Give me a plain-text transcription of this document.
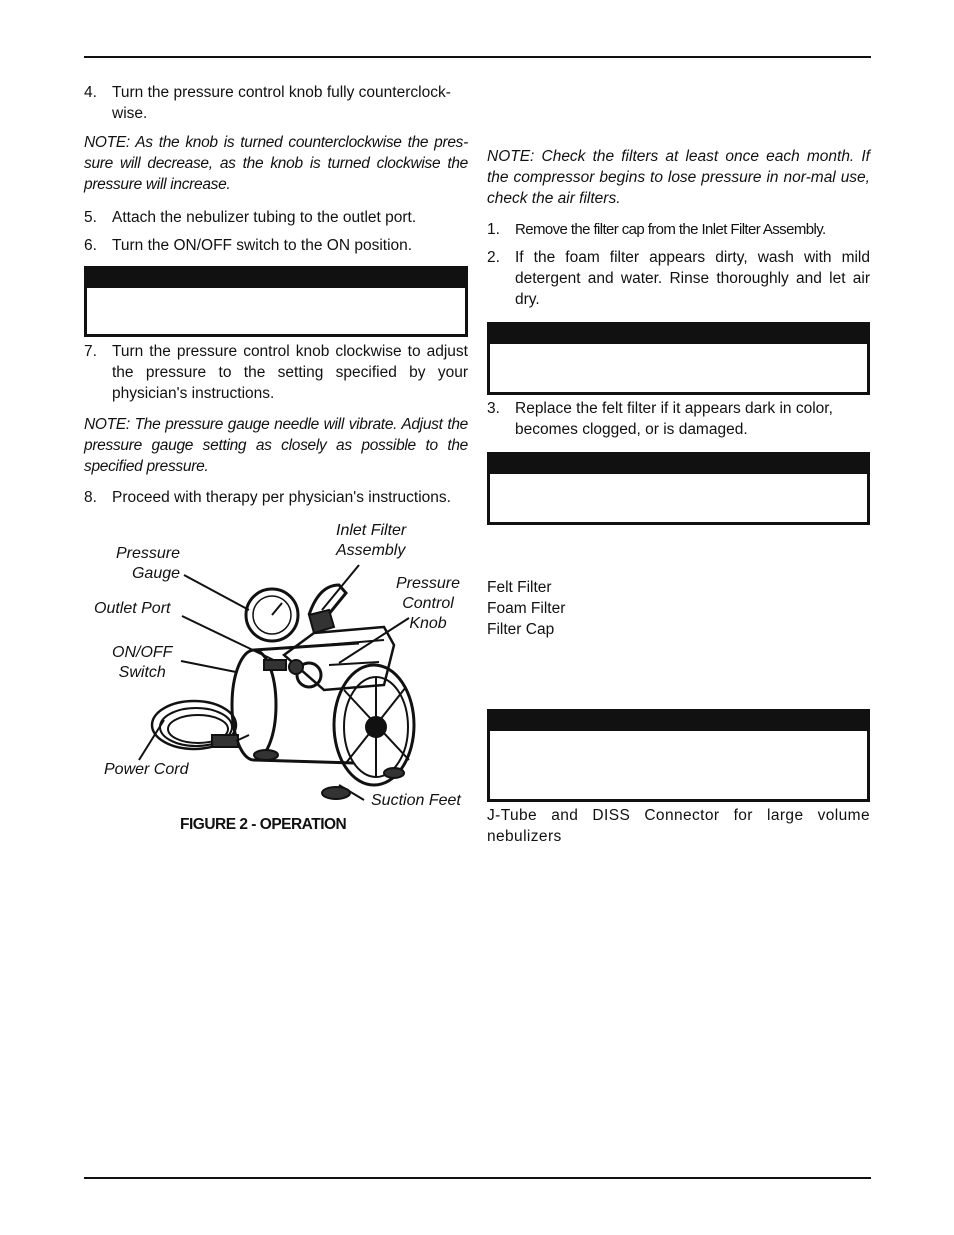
4. Turn the pressure control knob fully counterclock-wise.
NOTE: As the knob is turned counterclockwise the pres-sure will decrease, as the knob is turned clockwise the pressure will increase.
5. Attach the nebulizer tubing to the outlet port.
6. Turn the ON/OFF switch to the ON position.
7. Turn the pressure control knob clockwise to adjust the pressure to the setting specified by your physician's instructions.
NOTE: The pressure gauge needle will vibrate. Adjust the pressure gauge setting as closely as possible to the specified pressure.
8. Proceed with therapy per physician's instructions.
Inlet Filter
Assembly
Pressure
Gauge
Pressure
Control
Knob
Outlet Port
ON/OFF
Switch
Power Cord
Suction Feet
FIGURE 2 - OPERATION
NOTE: Check the filters at least once each month. If the compressor begins to lose pressure in nor-mal use, check the air filters.
1. Remove the filter cap from the Inlet Filter Assembly.
2. If the foam filter appears dirty, wash with mild detergent and water. Rinse thoroughly and let air dry.
3. Replace the felt filter if it appears dark in color, becomes clogged, or is damaged.
Felt Filter
Foam Filter
Filter Cap
J-Tube and DISS Connector for large volume nebulizers
